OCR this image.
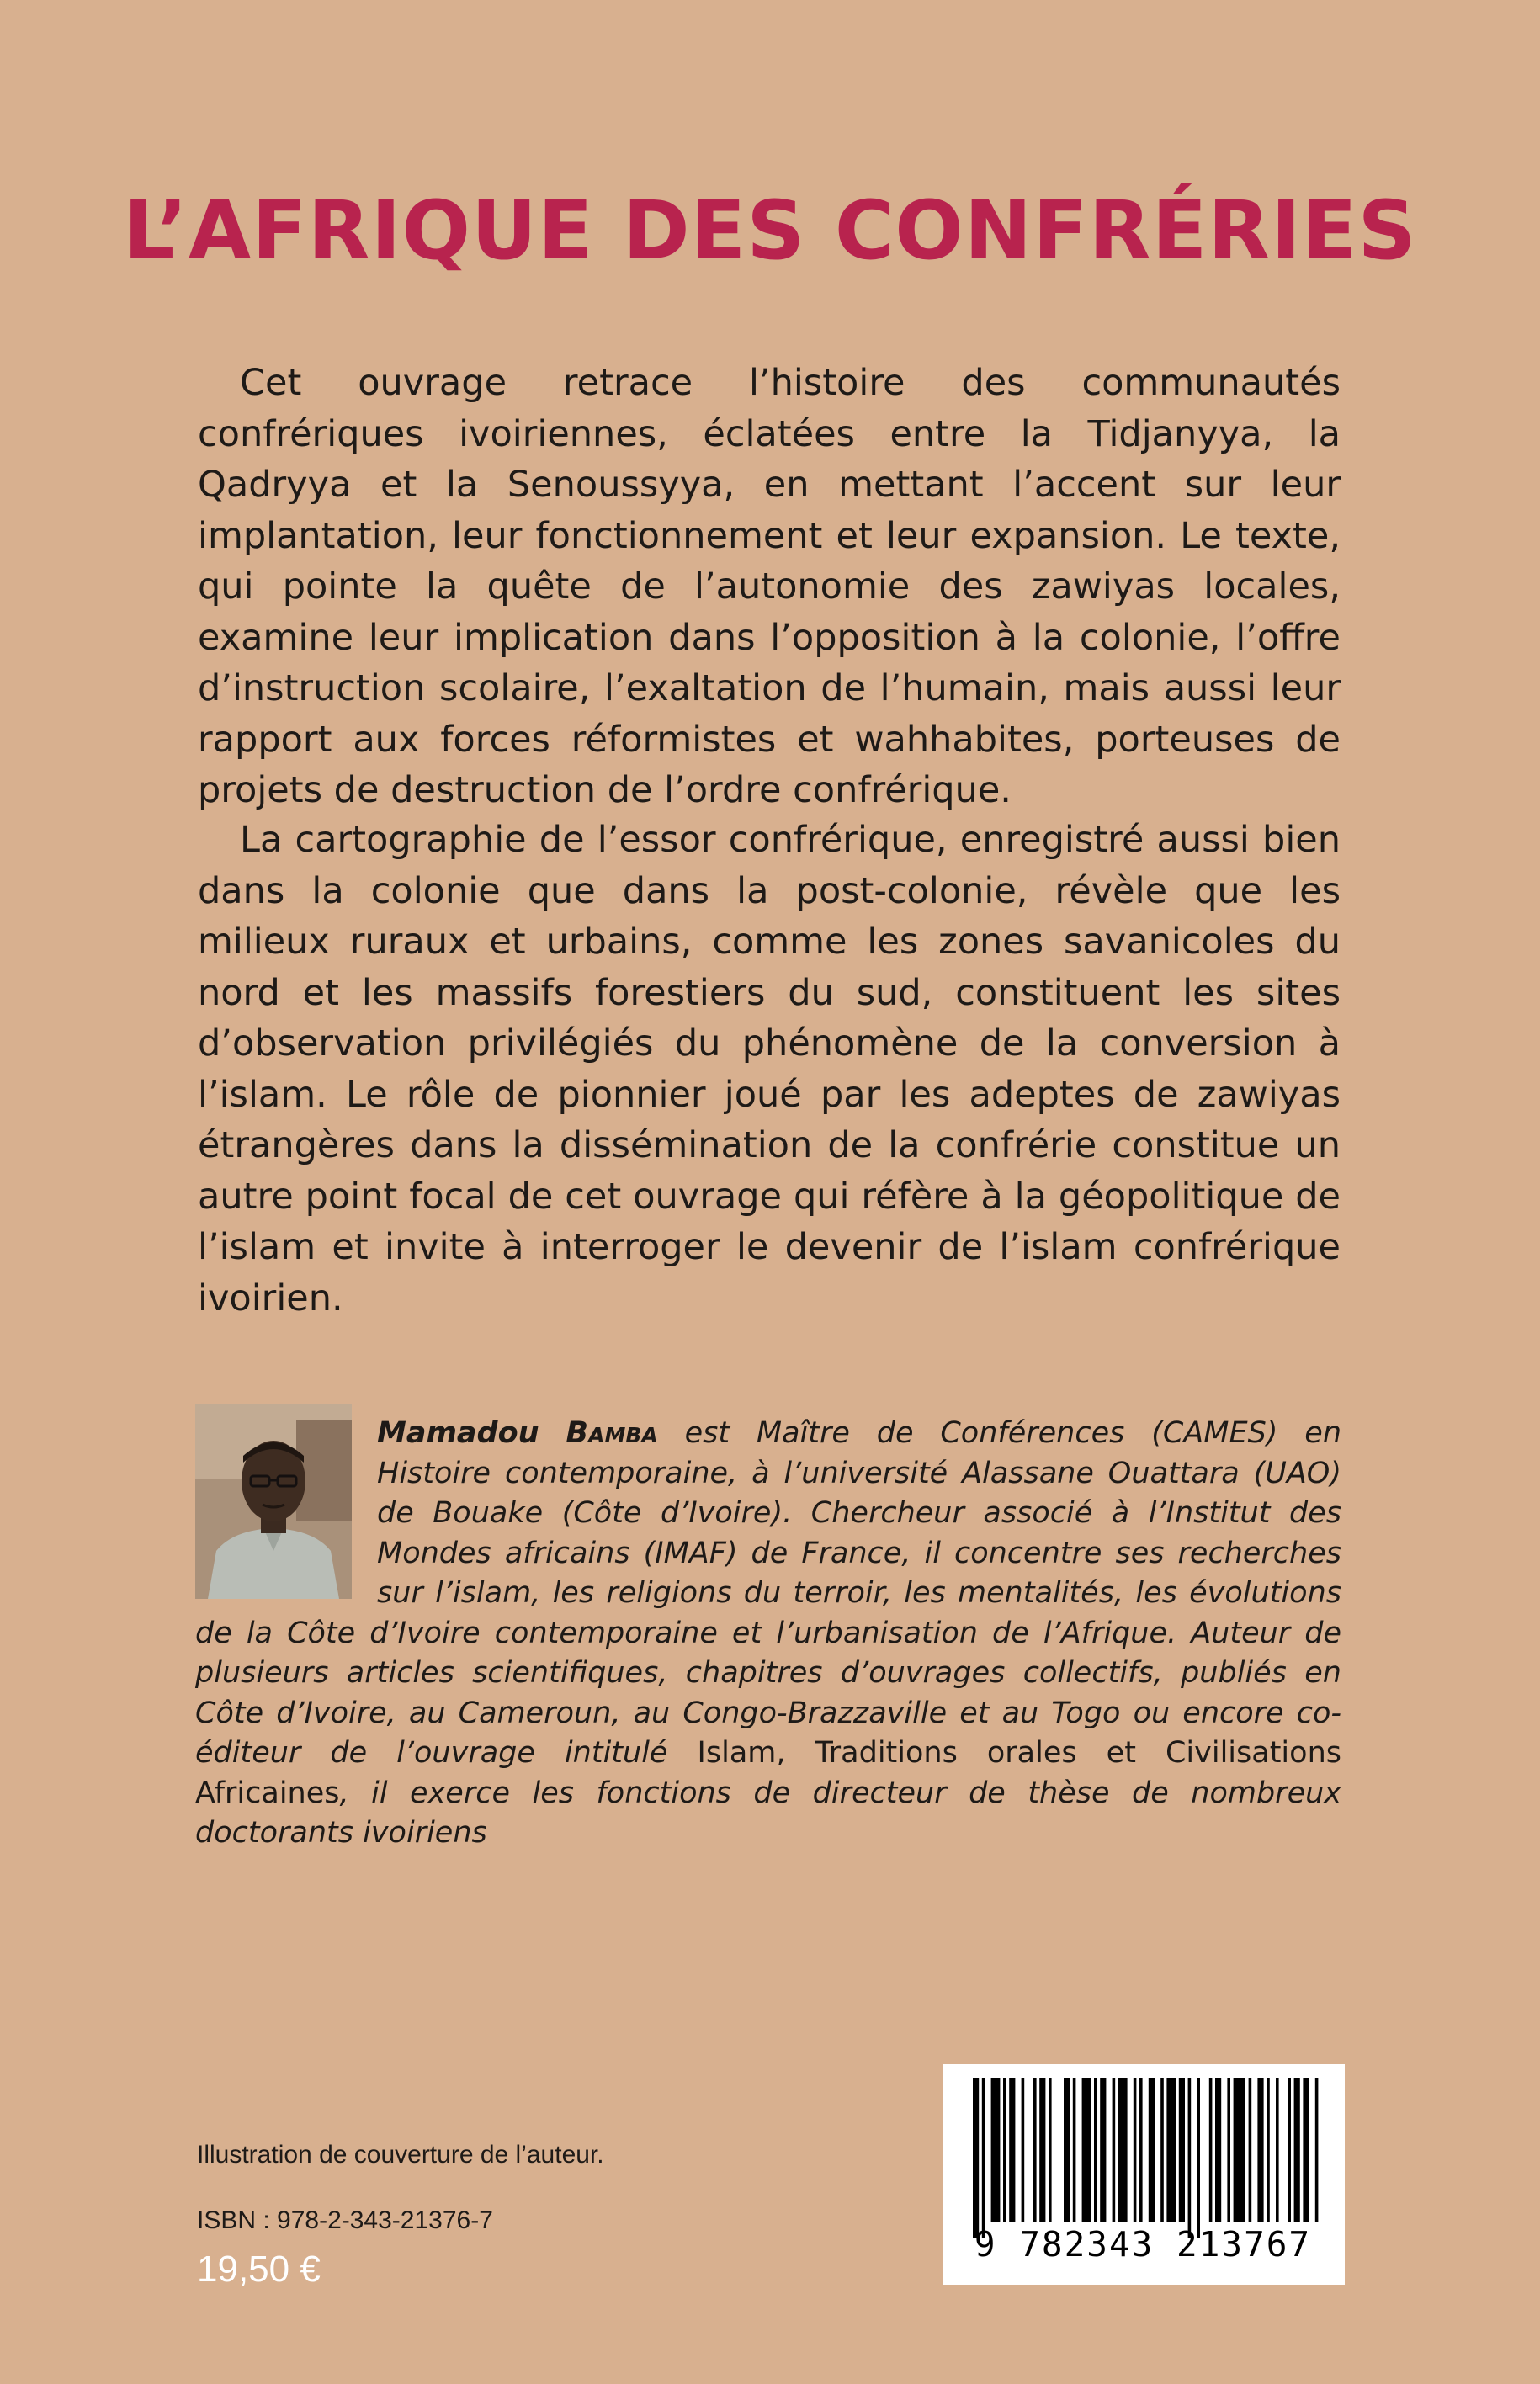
L’AFRIQUE DES CONFRÉRIES

Cet ouvrage retrace l’histoire des communautés confrériques ivoiriennes, éclatées entre la Tidjanyya, la Qadryya et la Senoussyya, en mettant l’accent sur leur implantation, leur fonctionnement et leur expansion. Le texte, qui pointe la quête de l’autonomie des zawiyas locales, examine leur implication dans l’opposition à la colonie, l’offre d’instruction scolaire, l’exaltation de l’humain, mais aussi leur rapport aux forces réformistes et wahhabites, porteuses de projets de destruction de l’ordre confrérique.

La cartographie de l’essor confrérique, enregistré aussi bien dans la colonie que dans la post-colonie, révèle que les milieux ruraux et urbains, comme les zones savanicoles du nord et les massifs forestiers du sud, constituent les sites d’observation privilégiés du phénomène de la conversion à l’islam. Le rôle de pionnier joué par les adeptes de zawiyas étrangères dans la dissémination de la confrérie constitue un autre point focal de cet ouvrage qui réfère à la géopolitique de l’islam et invite à interroger le devenir de l’islam confrérique ivoirien.

Mamadou Bamba est Maître de Conférences (CAMES) en Histoire contemporaine, à l’université Alassane Ouattara (UAO) de Bouake (Côte d’Ivoire). Chercheur associé à l’Institut des Mondes africains (IMAF) de France, il concentre ses recherches sur l’islam, les religions du terroir, les mentalités, les évolutions de la Côte d’Ivoire contemporaine et l’urbanisation de l’Afrique. Auteur de plusieurs articles scientifiques, chapitres d’ouvrages collectifs, publiés en Côte d’Ivoire, au Cameroun, au Congo-Brazzaville et au Togo ou encore co-éditeur de l’ouvrage intitulé Islam, Traditions orales et Civilisations Africaines, il exerce les fonctions de directeur de thèse de nombreux doctorants ivoiriens

Illustration de couverture de l’auteur.
ISBN : 978-2-343-21376-7
19,50 €
9 782343 213767
